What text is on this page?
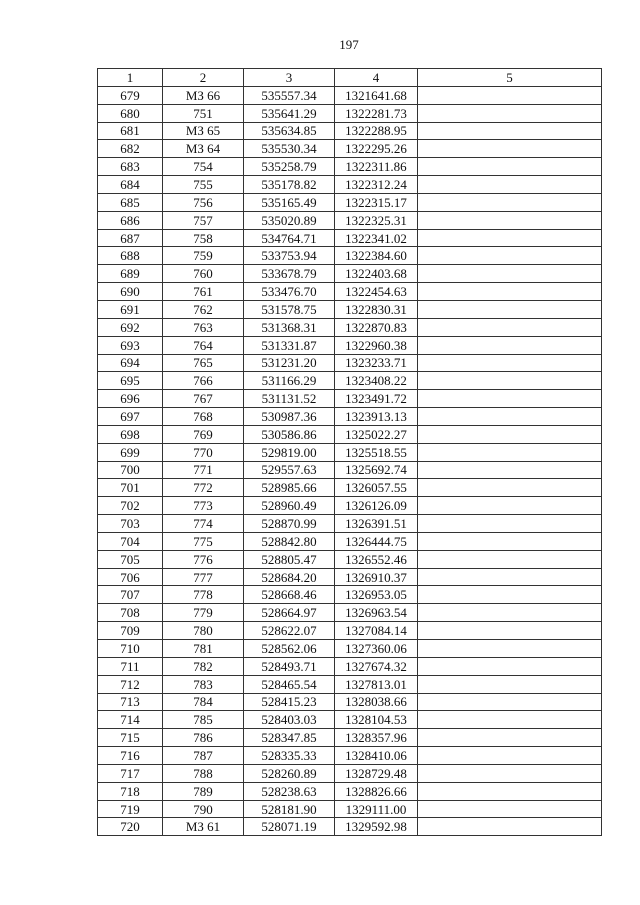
197
1	2	3	4	5
679	МЗ 66	535557.34	1321641.68	
680	751	535641.29	1322281.73	
681	МЗ 65	535634.85	1322288.95	
682	МЗ 64	535530.34	1322295.26	
683	754	535258.79	1322311.86	
684	755	535178.82	1322312.24	
685	756	535165.49	1322315.17	
686	757	535020.89	1322325.31	
687	758	534764.71	1322341.02	
688	759	533753.94	1322384.60	
689	760	533678.79	1322403.68	
690	761	533476.70	1322454.63	
691	762	531578.75	1322830.31	
692	763	531368.31	1322870.83	
693	764	531331.87	1322960.38	
694	765	531231.20	1323233.71	
695	766	531166.29	1323408.22	
696	767	531131.52	1323491.72	
697	768	530987.36	1323913.13	
698	769	530586.86	1325022.27	
699	770	529819.00	1325518.55	
700	771	529557.63	1325692.74	
701	772	528985.66	1326057.55	
702	773	528960.49	1326126.09	
703	774	528870.99	1326391.51	
704	775	528842.80	1326444.75	
705	776	528805.47	1326552.46	
706	777	528684.20	1326910.37	
707	778	528668.46	1326953.05	
708	779	528664.97	1326963.54	
709	780	528622.07	1327084.14	
710	781	528562.06	1327360.06	
711	782	528493.71	1327674.32	
712	783	528465.54	1327813.01	
713	784	528415.23	1328038.66	
714	785	528403.03	1328104.53	
715	786	528347.85	1328357.96	
716	787	528335.33	1328410.06	
717	788	528260.89	1328729.48	
718	789	528238.63	1328826.66	
719	790	528181.90	1329111.00	
720	МЗ 61	528071.19	1329592.98	
